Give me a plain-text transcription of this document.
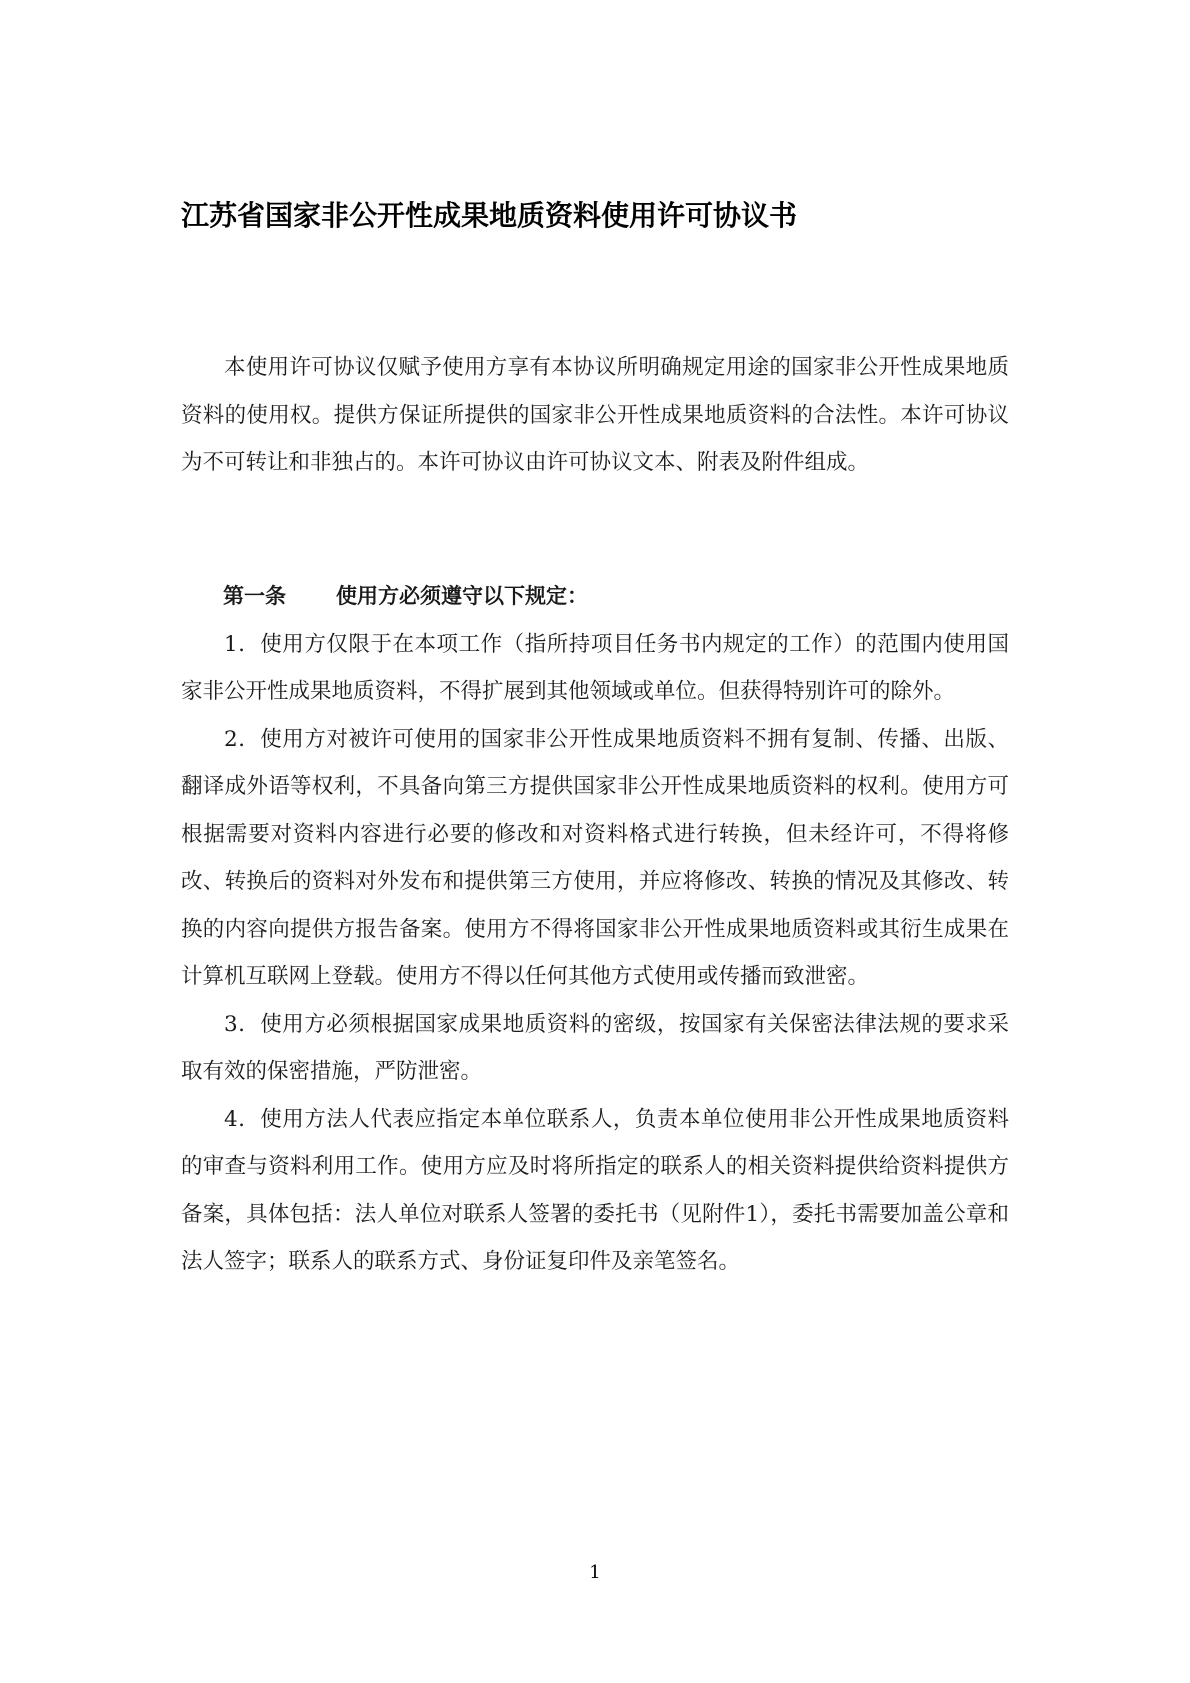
江苏省国家非公开性成果地质资料使用许可协议书

本使用许可协议仅赋予使用方享有本协议所明确规定用途的国家非公开性成果地质资料的使用权。提供方保证所提供的国家非公开性成果地质资料的合法性。本许可协议为不可转让和非独占的。本许可协议由许可协议文本、附表及附件组成。

第一条 使用方必须遵守以下规定：

1．使用方仅限于在本项工作（指所持项目任务书内规定的工作）的范围内使用国家非公开性成果地质资料，不得扩展到其他领域或单位。但获得特别许可的除外。

2．使用方对被许可使用的国家非公开性成果地质资料不拥有复制、传播、出版、翻译成外语等权利，不具备向第三方提供国家非公开性成果地质资料的权利。使用方可根据需要对资料内容进行必要的修改和对资料格式进行转换，但未经许可，不得将修改、转换后的资料对外发布和提供第三方使用，并应将修改、转换的情况及其修改、转换的内容向提供方报告备案。使用方不得将国家非公开性成果地质资料或其衍生成果在计算机互联网上登载。使用方不得以任何其他方式使用或传播而致泄密。

3．使用方必须根据国家成果地质资料的密级，按国家有关保密法律法规的要求采取有效的保密措施，严防泄密。

4．使用方法人代表应指定本单位联系人，负责本单位使用非公开性成果地质资料的审查与资料利用工作。使用方应及时将所指定的联系人的相关资料提供给资料提供方备案，具体包括：法人单位对联系人签署的委托书（见附件1），委托书需要加盖公章和法人签字；联系人的联系方式、身份证复印件及亲笔签名。

1
